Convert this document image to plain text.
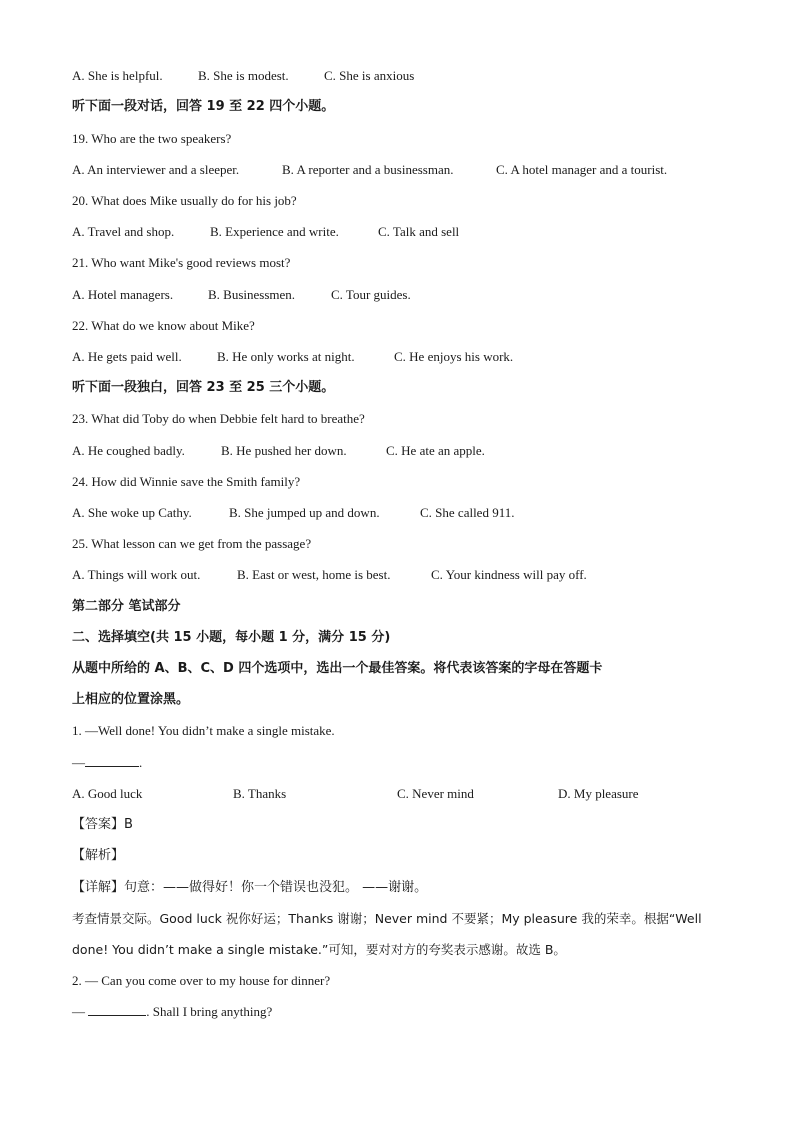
A. She is helpful.	B. She is modest.	C. She is anxious
听下面一段对话，回答 19 至 22 四个小题。
19. Who are the two speakers?
A. An interviewer and a sleeper.	B. A reporter and a businessman.	C. A hotel manager and a tourist.
20. What does Mike usually do for his job?
A. Travel and shop.	B. Experience and write.	C. Talk and sell
21. Who want Mike's good reviews most?
A. Hotel managers.	B. Businessmen.	C. Tour guides.
22. What do we know about Mike?
A. He gets paid well.	B. He only works at night.	C. He enjoys his work.
听下面一段独白，回答 23 至 25 三个小题。
23. What did Toby do when Debbie felt hard to breathe?
A. He coughed badly.	B. He pushed her down.	C. He ate an apple.
24. How did Winnie save the Smith family?
A. She woke up Cathy.	B. She jumped up and down.	C. She called 911.
25. What lesson can we get from the passage?
A. Things will work out.	B. East or west, home is best.	C. Your kindness will pay off.
第二部分 笔试部分
二、选择填空(共 15 小题，每小题 1 分，满分 15 分)
从题中所给的 A、B、C、D 四个选项中，选出一个最佳答案。将代表该答案的字母在答题卡
上相应的位置涂黑。
1. —Well done! You didn’t make a single mistake.
—	.
A. Good luck	B. Thanks	C. Never mind	D. My pleasure
【答案】B
【解析】
【详解】句意：——做得好！你一个错误也没犯。 ——谢谢。
考查情景交际。Good luck 祝你好运；Thanks 谢谢；Never mind 不要紧；My pleasure 我的荣幸。根据“Well
done! You didn’t make a single mistake.”可知，要对对方的夸奖表示感谢。故选 B。
2. — Can you come over to my house for dinner?
—	. Shall I bring anything?
